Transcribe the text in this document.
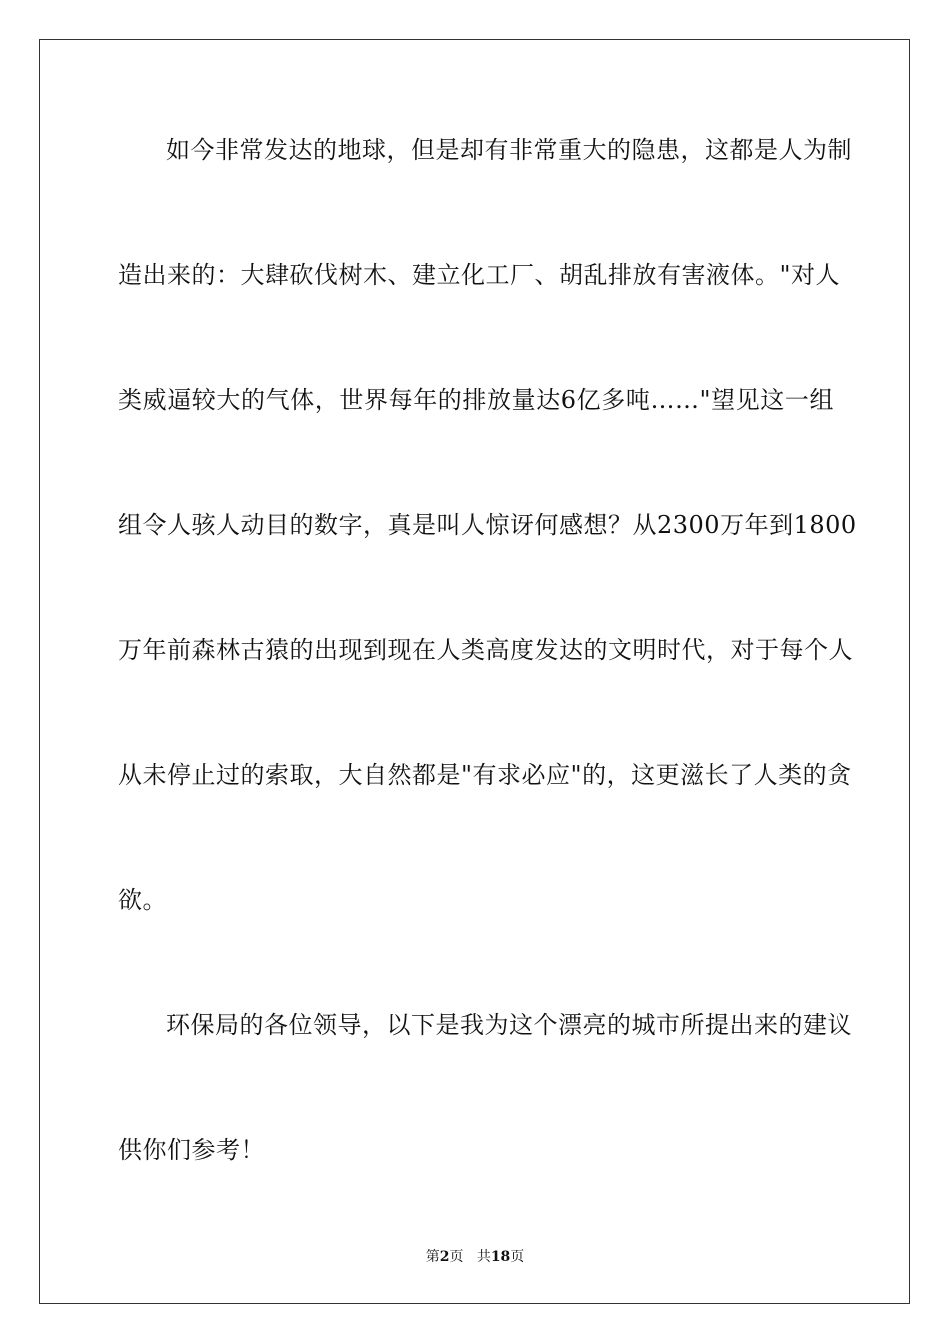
如今非常发达的地球，但是却有非常重大的隐患，这都是人为制
造出来的：大肆砍伐树木、建立化工厂、胡乱排放有害液体。"对人
类威逼较大的气体，世界每年的排放量达6亿多吨……"望见这一组
组令人骇人动目的数字，真是叫人惊讶何感想？从2300万年到1800
万年前森林古猿的出现到现在人类高度发达的文明时代，对于每个人
从未停止过的索取，大自然都是"有求必应"的，这更滋长了人类的贪
欲。
环保局的各位领导，以下是我为这个漂亮的城市所提出来的建议
供你们参考！
第2页 共18页
